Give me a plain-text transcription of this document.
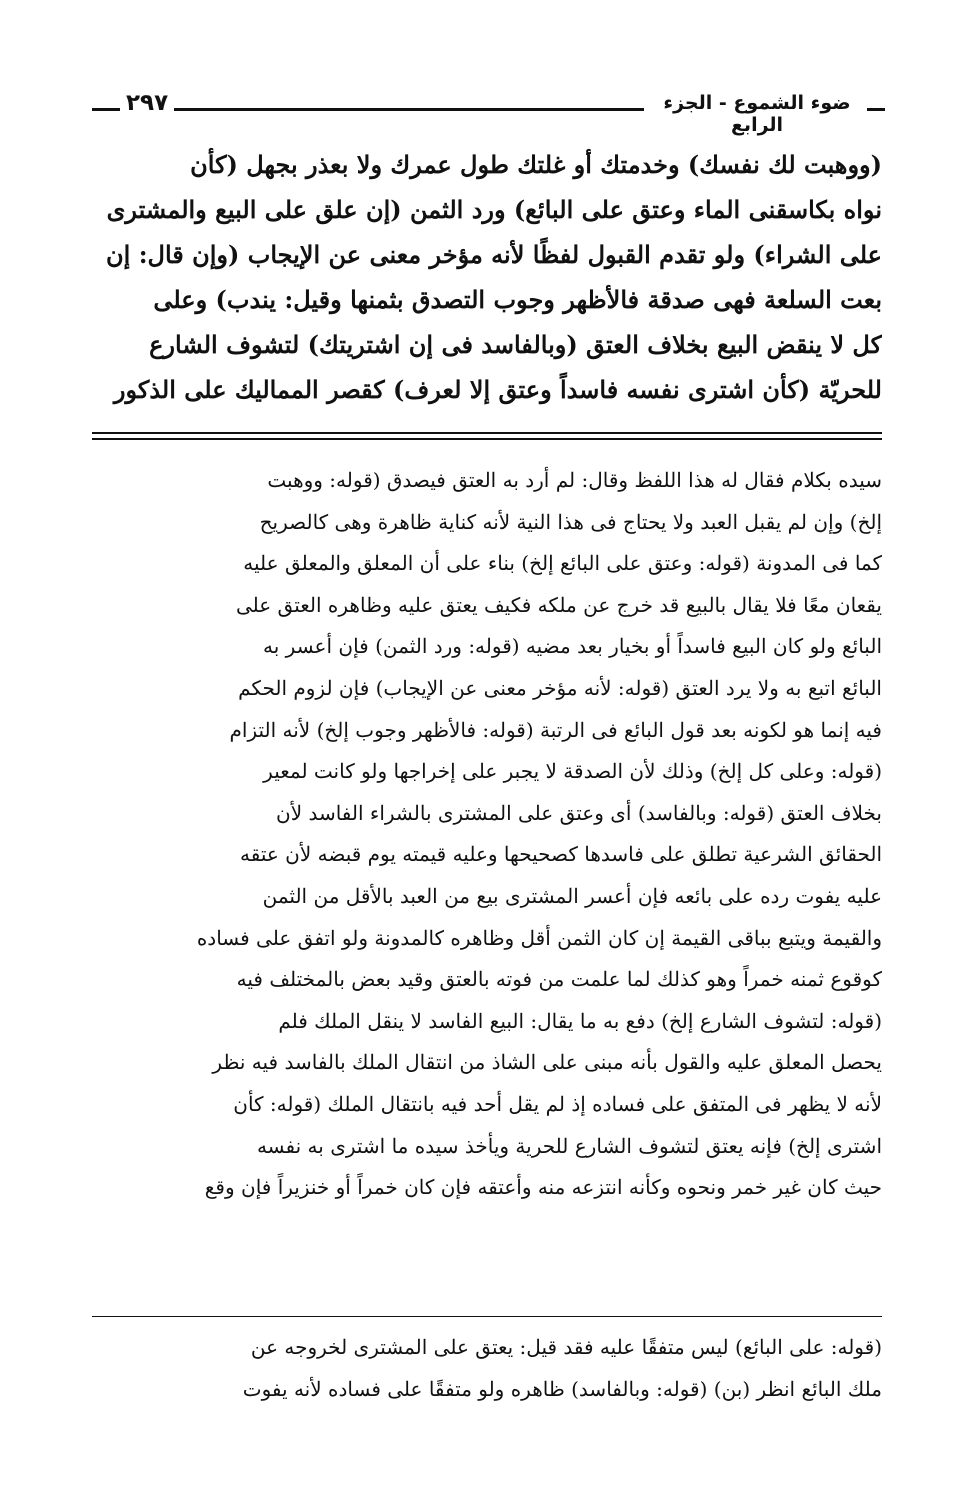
٢٩٧	ضوء الشموع - الجزء الرابع
(ووهبت لك نفسك) وخدمتك أو غلتك طول عمرك ولا بعذر بجهل (كأن
نواه بكاسقنى الماء وعتق على البائع) ورد الثمن (إن علق على البيع والمشترى
على الشراء) ولو تقدم القبول لفظًا لأنه مؤخر معنى عن الإيجاب (وإن قال: إن
بعت السلعة فهى صدقة فالأظهر وجوب التصدق بثمنها وقيل: يندب) وعلى
كل لا ينقض البيع بخلاف العتق (وبالفاسد فى إن اشتريتك) لتشوف الشارع
للحريّة (كأن اشترى نفسه فاسداً وعتق إلا لعرف) كقصر المماليك على الذكور
سيده بكلام فقال له هذا اللفظ وقال: لم أرد به العتق فيصدق (قوله: ووهبت
إلخ) وإن لم يقبل العبد ولا يحتاج فى هذا النية لأنه كناية ظاهرة وهى كالصريح
كما فى المدونة (قوله: وعتق على البائع إلخ) بناء على أن المعلق والمعلق عليه
يقعان معًا فلا يقال بالبيع قد خرج عن ملكه فكيف يعتق عليه وظاهره العتق على
البائع ولو كان البيع فاسداً أو بخيار بعد مضيه (قوله: ورد الثمن) فإن أعسر به
البائع اتبع به ولا يرد العتق (قوله: لأنه مؤخر معنى عن الإيجاب) فإن لزوم الحكم
فيه إنما هو لكونه بعد قول البائع فى الرتبة (قوله: فالأظهر وجوب إلخ) لأنه التزام
(قوله: وعلى كل إلخ) وذلك لأن الصدقة لا يجبر على إخراجها ولو كانت لمعير
بخلاف العتق (قوله: وبالفاسد) أى وعتق على المشترى بالشراء الفاسد لأن
الحقائق الشرعية تطلق على فاسدها كصحيحها وعليه قيمته يوم قبضه لأن عتقه
عليه يفوت رده على بائعه فإن أعسر المشترى بيع من العبد بالأقل من الثمن
والقيمة ويتبع بباقى القيمة إن كان الثمن أقل وظاهره كالمدونة ولو اتفق على فساده
كوقوع ثمنه خمراً وهو كذلك لما علمت من فوته بالعتق وقيد بعض بالمختلف فيه
(قوله: لتشوف الشارع إلخ) دفع به ما يقال: البيع الفاسد لا ينقل الملك فلم
يحصل المعلق عليه والقول بأنه مبنى على الشاذ من انتقال الملك بالفاسد فيه نظر
لأنه لا يظهر فى المتفق على فساده إذ لم يقل أحد فيه بانتقال الملك (قوله: كأن
اشترى إلخ) فإنه يعتق لتشوف الشارع للحرية ويأخذ سيده ما اشترى به نفسه
حيث كان غير خمر ونحوه وكأنه انتزعه منه وأعتقه فإن كان خمراً أو خنزيراً فإن وقع
(قوله: على البائع) ليس متفقًا عليه فقد قيل: يعتق على المشترى لخروجه عن
ملك البائع انظر (بن) (قوله: وبالفاسد) ظاهره ولو متفقًا على فساده لأنه يفوت
